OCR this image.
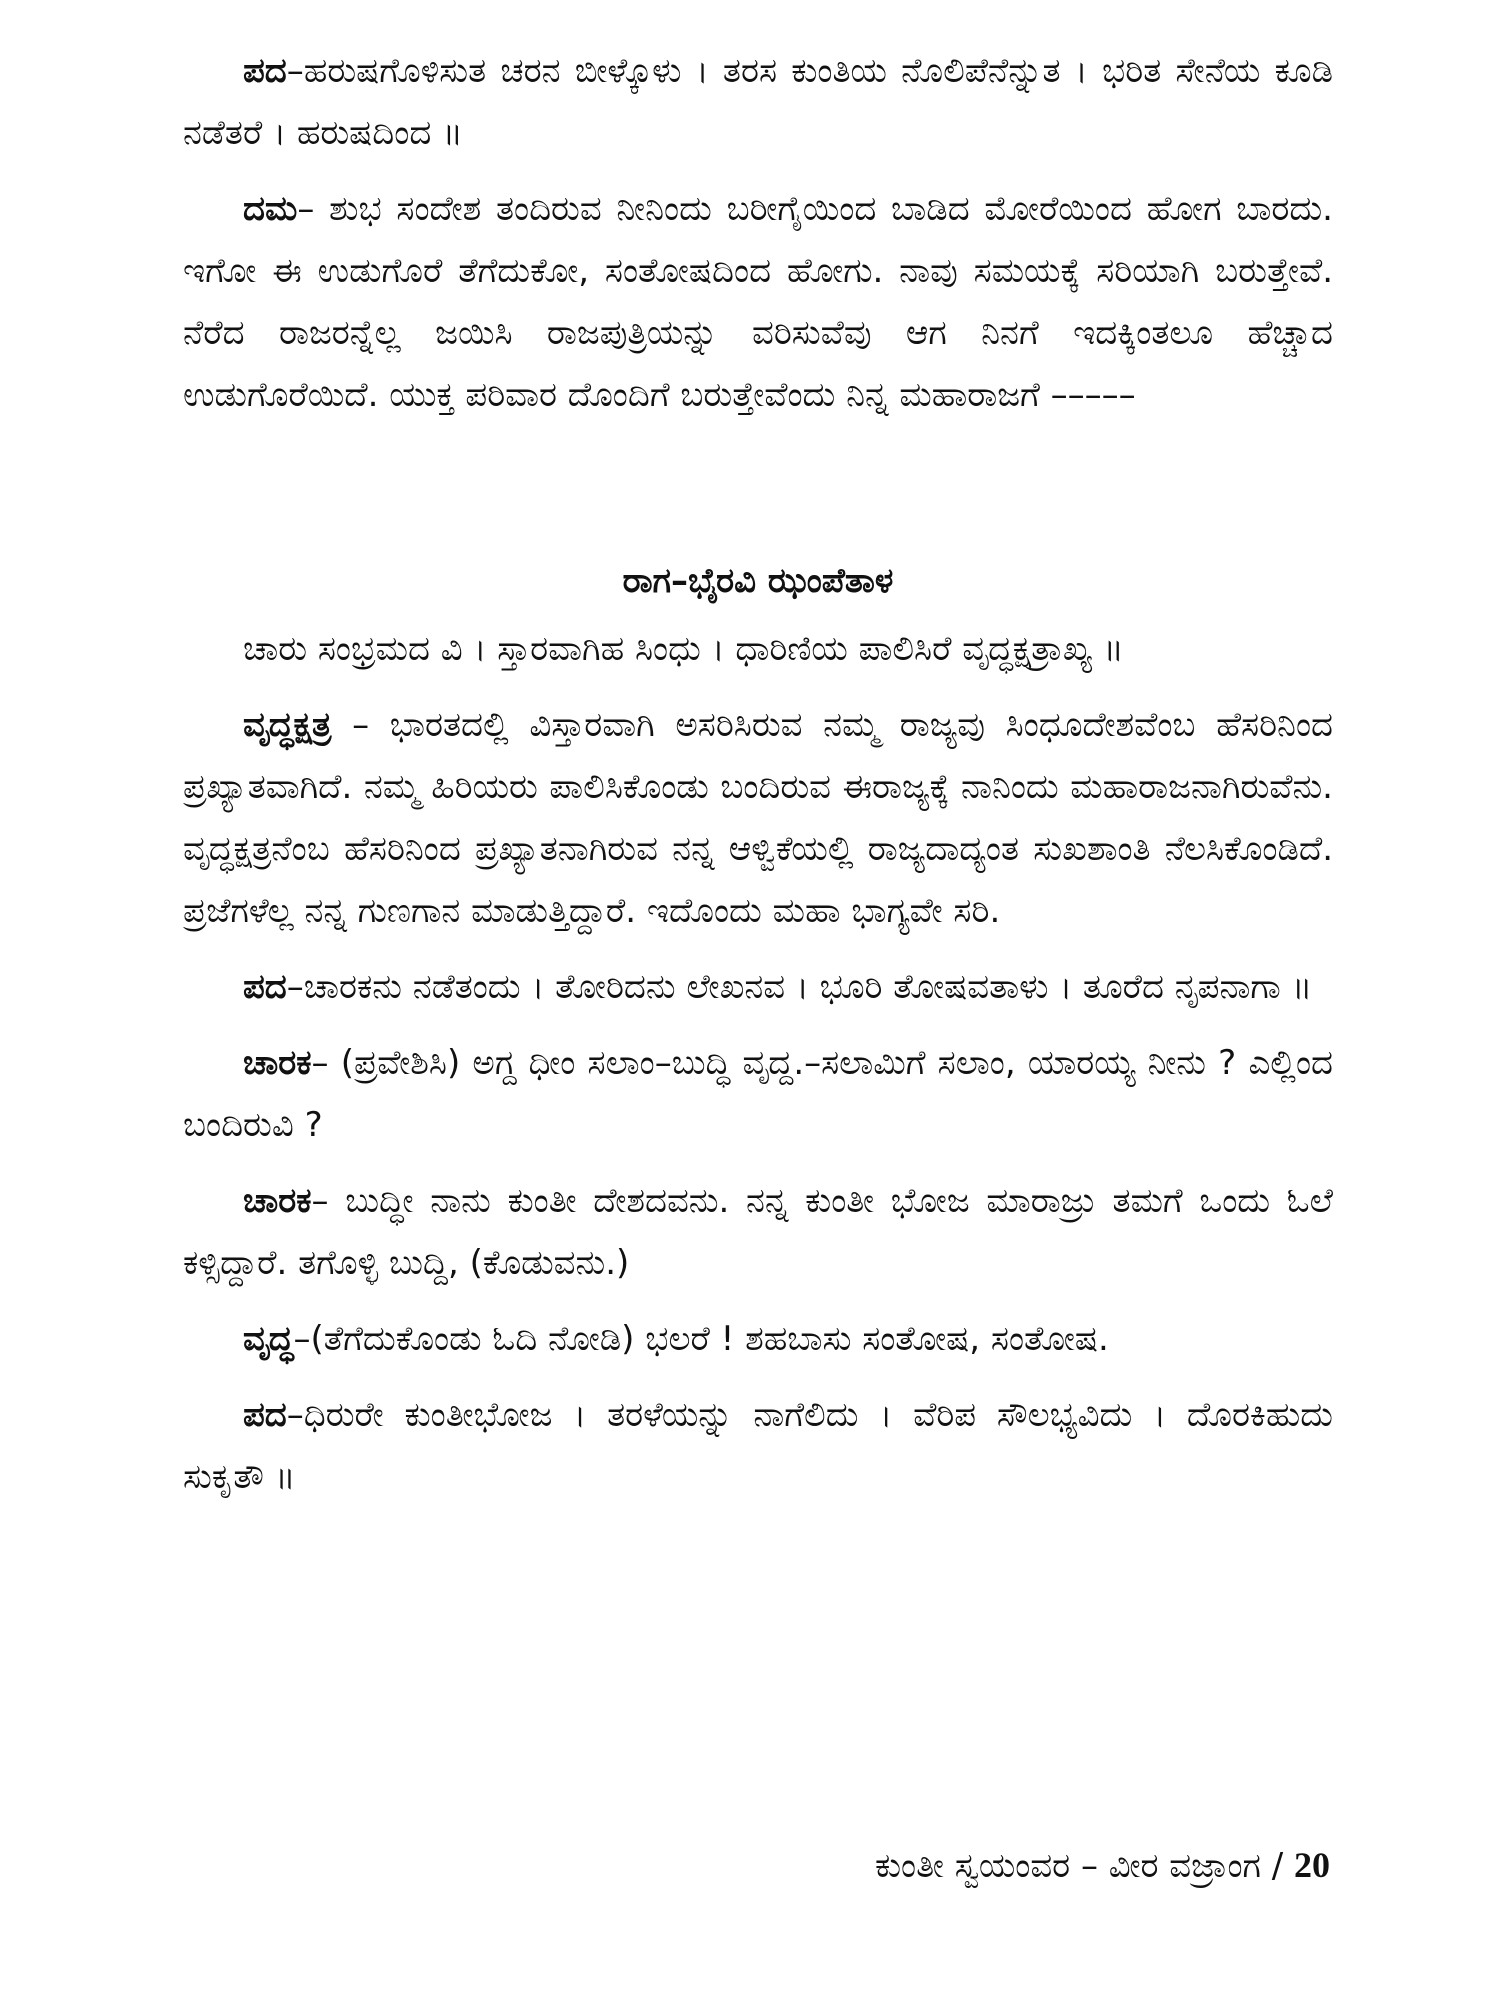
ಪದ–ಹರುಷಗೊಳಿಸುತ ಚರನ ಬೀಳ್ಕೊಳು । ತರಸ ಕುಂತಿಯ ನೊಲಿಪೆನೆನ್ನುತ । ಭರಿತ ಸೇನೆಯ ಕೂಡಿ ನಡೆತರೆ । ಹರುಷದಿಂದ ॥

ದಮ– ಶುಭ ಸಂದೇಶ ತಂದಿರುವ ನೀನಿಂದು ಬರೀಗೈಯಿಂದ ಬಾಡಿದ ಮೋರೆಯಿಂದ ಹೋಗ ಬಾರದು. ಇಗೋ ಈ ಉಡುಗೊರೆ ತೆಗೆದುಕೋ, ಸಂತೋಷದಿಂದ ಹೋಗು. ನಾವು ಸಮಯಕ್ಕೆ ಸರಿಯಾಗಿ ಬರುತ್ತೇವೆ. ನೆರೆದ ರಾಜರನ್ನೆಲ್ಲ ಜಯಿಸಿ ರಾಜಪುತ್ರಿಯನ್ನು ವರಿಸುವೆವು ಆಗ ನಿನಗೆ ಇದಕ್ಕಿಂತಲೂ ಹೆಚ್ಚಾದ ಉಡುಗೊರೆಯಿದೆ. ಯುಕ್ತ ಪರಿವಾರ ದೊಂದಿಗೆ ಬರುತ್ತೇವೆಂದು ನಿನ್ನ ಮಹಾರಾಜಗೆ –––––

ರಾಗ–ಭೈರವಿ ಝಂಪೆತಾಳ

ಚಾರು ಸಂಭ್ರಮದ ವಿ । ಸ್ತಾರವಾಗಿಹ ಸಿಂಧು । ಧಾರಿಣಿಯ ಪಾಲಿಸಿರೆ ವೃದ್ಧಕ್ಷತ್ರಾಖ್ಯ ॥

ವೃದ್ಧಕ್ಷತ್ರ – ಭಾರತದಲ್ಲಿ ವಿಸ್ತಾರವಾಗಿ ಅಸರಿಸಿರುವ ನಮ್ಮ ರಾಜ್ಯವು ಸಿಂಧೂದೇಶವೆಂಬ ಹೆಸರಿನಿಂದ ಪ್ರಖ್ಯಾತವಾಗಿದೆ. ನಮ್ಮ ಹಿರಿಯರು ಪಾಲಿಸಿಕೊಂಡು ಬಂದಿರುವ ಈರಾಜ್ಯಕ್ಕೆ ನಾನಿಂದು ಮಹಾರಾಜನಾಗಿರುವೆನು. ವೃದ್ಧಕ್ಷತ್ರನೆಂಬ ಹೆಸರಿನಿಂದ ಪ್ರಖ್ಯಾತನಾಗಿರುವ ನನ್ನ ಆಳ್ವಿಕೆಯಲ್ಲಿ ರಾಜ್ಯದಾದ್ಯಂತ ಸುಖಶಾಂತಿ ನೆಲಸಿಕೊಂಡಿದೆ. ಪ್ರಜೆಗಳೆಲ್ಲ ನನ್ನ ಗುಣಗಾನ ಮಾಡುತ್ತಿದ್ದಾರೆ. ಇದೊಂದು ಮಹಾ ಭಾಗ್ಯವೇ ಸರಿ.

ಪದ–ಚಾರಕನು ನಡೆತಂದು । ತೋರಿದನು ಲೇಖನವ । ಭೂರಿ ತೋಷವತಾಳು । ತೂರೆದ ನೃಪನಾಗಾ ॥

ಚಾರಕ– (ಪ್ರವೇಶಿಸಿ) ಅಗ್ದ ಧೀಂ ಸಲಾಂ–ಬುದ್ಧಿ ವೃದ್ದ.–ಸಲಾಮಿಗೆ ಸಲಾಂ, ಯಾರಯ್ಯ ನೀನು ? ಎಲ್ಲಿಂದ ಬಂದಿರುವಿ ?

ಚಾರಕ– ಬುದ್ಧೀ ನಾನು ಕುಂತೀ ದೇಶದವನು. ನನ್ನ ಕುಂತೀ ಭೋಜ ಮಾರಾಜ್ರು ತಮಗೆ ಒಂದು ಓಲೆ ಕಳ್ಸಿದ್ದಾರೆ. ತಗೊಳ್ಳಿ ಬುದ್ದಿ, (ಕೊಡುವನು.)

ವೃದ್ಧ–(ತೆಗೆದುಕೊಂಡು ಓದಿ ನೋಡಿ) ಭಲರೆ ! ಶಹಬಾಸು ಸಂತೋಷ, ಸಂತೋಷ.

ಪದ–ಧಿರುರೇ ಕುಂತೀಭೋಜ । ತರಳೆಯನ್ನು ನಾಗೆಲಿದು । ವೆರಿಪ ಸೌಲಭ್ಯವಿದು । ದೊರಕಿಹುದು ಸುಕೃತೌ ॥

ಕುಂತೀ ಸ್ವಯಂವರ – ವೀರ ವಜ್ರಾಂಗ / 20
